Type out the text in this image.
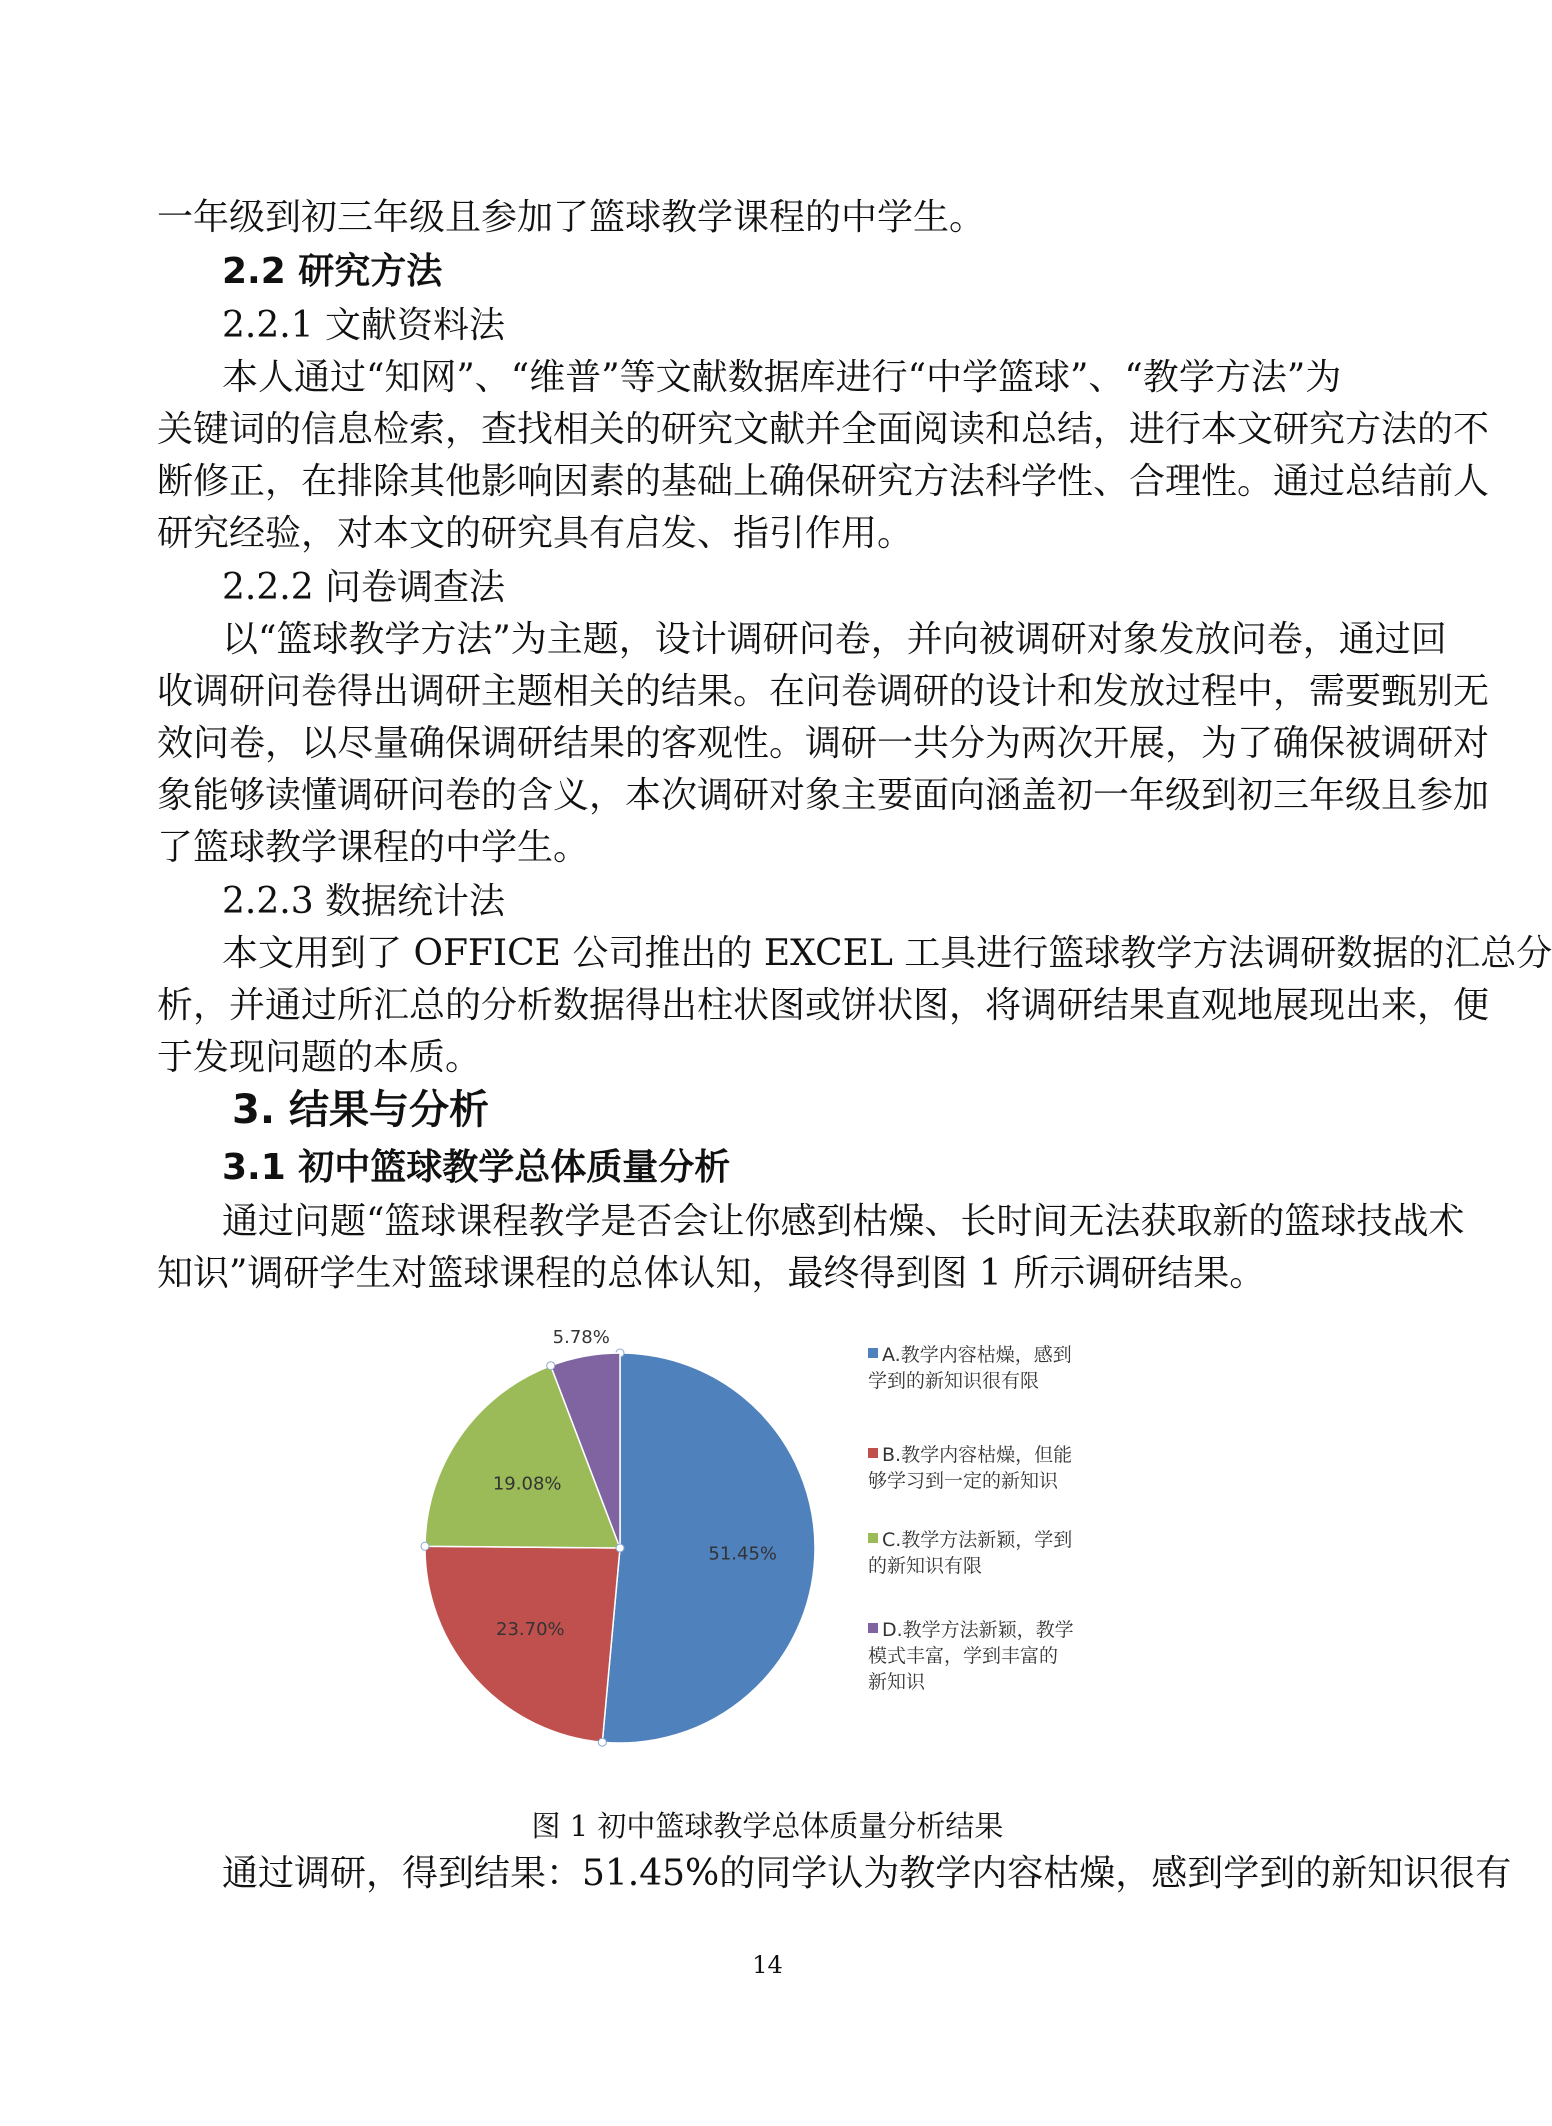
一年级到初三年级且参加了篮球教学课程的中学生。
2.2 研究方法
2.2.1 文献资料法
本人通过“知网”、“维普”等文献数据库进行“中学篮球”、“教学方法”为
关键词的信息检索，查找相关的研究文献并全面阅读和总结，进行本文研究方法的不
断修正，在排除其他影响因素的基础上确保研究方法科学性、合理性。通过总结前人
研究经验，对本文的研究具有启发、指引作用。
2.2.2 问卷调查法
以“篮球教学方法”为主题，设计调研问卷，并向被调研对象发放问卷，通过回
收调研问卷得出调研主题相关的结果。在问卷调研的设计和发放过程中，需要甄别无
效问卷，以尽量确保调研结果的客观性。调研一共分为两次开展，为了确保被调研对
象能够读懂调研问卷的含义，本次调研对象主要面向涵盖初一年级到初三年级且参加
了篮球教学课程的中学生。
2.2.3 数据统计法
本文用到了 OFFICE 公司推出的 EXCEL 工具进行篮球教学方法调研数据的汇总分
析，并通过所汇总的分析数据得出柱状图或饼状图，将调研结果直观地展现出来，便
于发现问题的本质。
3. 结果与分析
3.1 初中篮球教学总体质量分析
通过问题“篮球课程教学是否会让你感到枯燥、长时间无法获取新的篮球技战术
知识”调研学生对篮球课程的总体认知，最终得到图 1 所示调研结果。
51.45%
23.70%
19.08%
5.78%
A.教学内容枯燥，感到
学到的新知识很有限
B.教学内容枯燥，但能
够学习到一定的新知识
C.教学方法新颖，学到
的新知识有限
D.教学方法新颖，教学
模式丰富，学到丰富的
新知识
图 1 初中篮球教学总体质量分析结果
通过调研，得到结果：51.45%的同学认为教学内容枯燥，感到学到的新知识很有
14
